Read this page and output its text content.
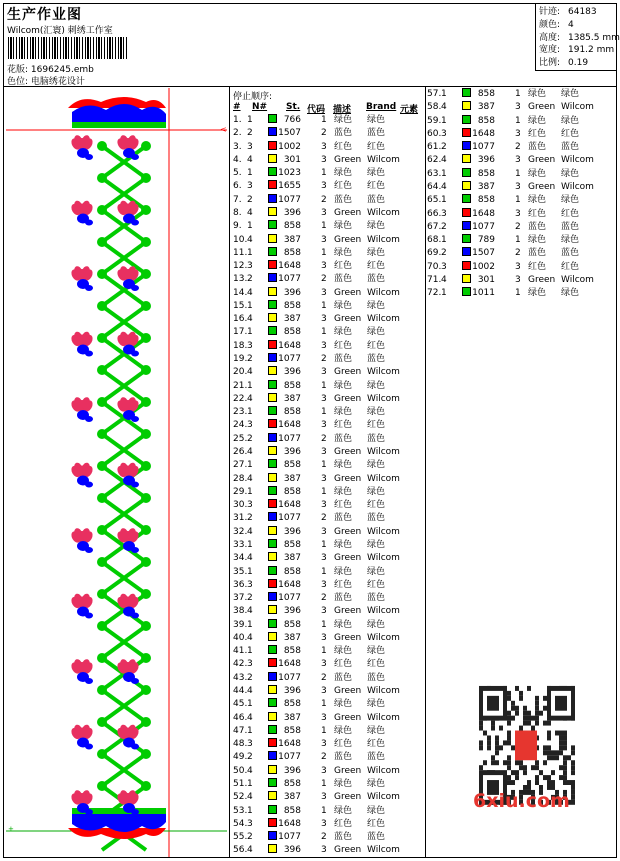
生产作业图
Wilcom(汇寰) 刺绣工作室
花版: 1696245.emb
色位: 电脑绣花设计
针迹: 64183
颜色: 4
高度: 1385.5 mm
宽度: 191.2 mm
比例: 0.19
<
+
停止顺序:
# N# St. 代码 描述 Brand 元素
1. 1	766 1 绿色 绿色
2. 2	1507 2 蓝色 蓝色
3. 3	1002 3 红色 红色
4. 4	301 3 Green Wilcom
5. 1	1023 1 绿色 绿色
6. 3	1655 3 红色 红色
7. 2	1077 2 蓝色 蓝色
8. 4	396 3 Green Wilcom
9. 1	858 1 绿色 绿色
10. 4	387 3 Green Wilcom
11. 1	858 1 绿色 绿色
12. 3	1648 3 红色 红色
13. 2	1077 2 蓝色 蓝色
14. 4	396 3 Green Wilcom
15. 1	858 1 绿色 绿色
16. 4	387 3 Green Wilcom
17. 1	858 1 绿色 绿色
18. 3	1648 3 红色 红色
19. 2	1077 2 蓝色 蓝色
20. 4	396 3 Green Wilcom
21. 1	858 1 绿色 绿色
22. 4	387 3 Green Wilcom
23. 1	858 1 绿色 绿色
24. 3	1648 3 红色 红色
25. 2	1077 2 蓝色 蓝色
26. 4	396 3 Green Wilcom
27. 1	858 1 绿色 绿色
28. 4	387 3 Green Wilcom
29. 1	858 1 绿色 绿色
30. 3	1648 3 红色 红色
31. 2	1077 2 蓝色 蓝色
32. 4	396 3 Green Wilcom
33. 1	858 1 绿色 绿色
34. 4	387 3 Green Wilcom
35. 1	858 1 绿色 绿色
36. 3	1648 3 红色 红色
37. 2	1077 2 蓝色 蓝色
38. 4	396 3 Green Wilcom
39. 1	858 1 绿色 绿色
40. 4	387 3 Green Wilcom
41. 1	858 1 绿色 绿色
42. 3	1648 3 红色 红色
43. 2	1077 2 蓝色 蓝色
44. 4	396 3 Green Wilcom
45. 1	858 1 绿色 绿色
46. 4	387 3 Green Wilcom
47. 1	858 1 绿色 绿色
48. 3	1648 3 红色 红色
49. 2	1077 2 蓝色 蓝色
50. 4	396 3 Green Wilcom
51. 1	858 1 绿色 绿色
52. 4	387 3 Green Wilcom
53. 1	858 1 绿色 绿色
54. 3	1648 3 红色 红色
55. 2	1077 2 蓝色 蓝色
56. 4	396 3 Green Wilcom
57. 1	858 1 绿色 绿色
58. 4	387 3 Green Wilcom
59. 1	858 1 绿色 绿色
60. 3	1648 3 红色 红色
61. 2	1077 2 蓝色 蓝色
62. 4	396 3 Green Wilcom
63. 1	858 1 绿色 绿色
64. 4	387 3 Green Wilcom
65. 1	858 1 绿色 绿色
66. 3	1648 3 红色 红色
67. 2	1077 2 蓝色 蓝色
68. 1	789 1 绿色 绿色
69. 2	1507 2 蓝色 蓝色
70. 3	1002 3 红色 红色
71. 4	301 3 Green Wilcom
72. 1	1011 1 绿色 绿色
6xiu.com
